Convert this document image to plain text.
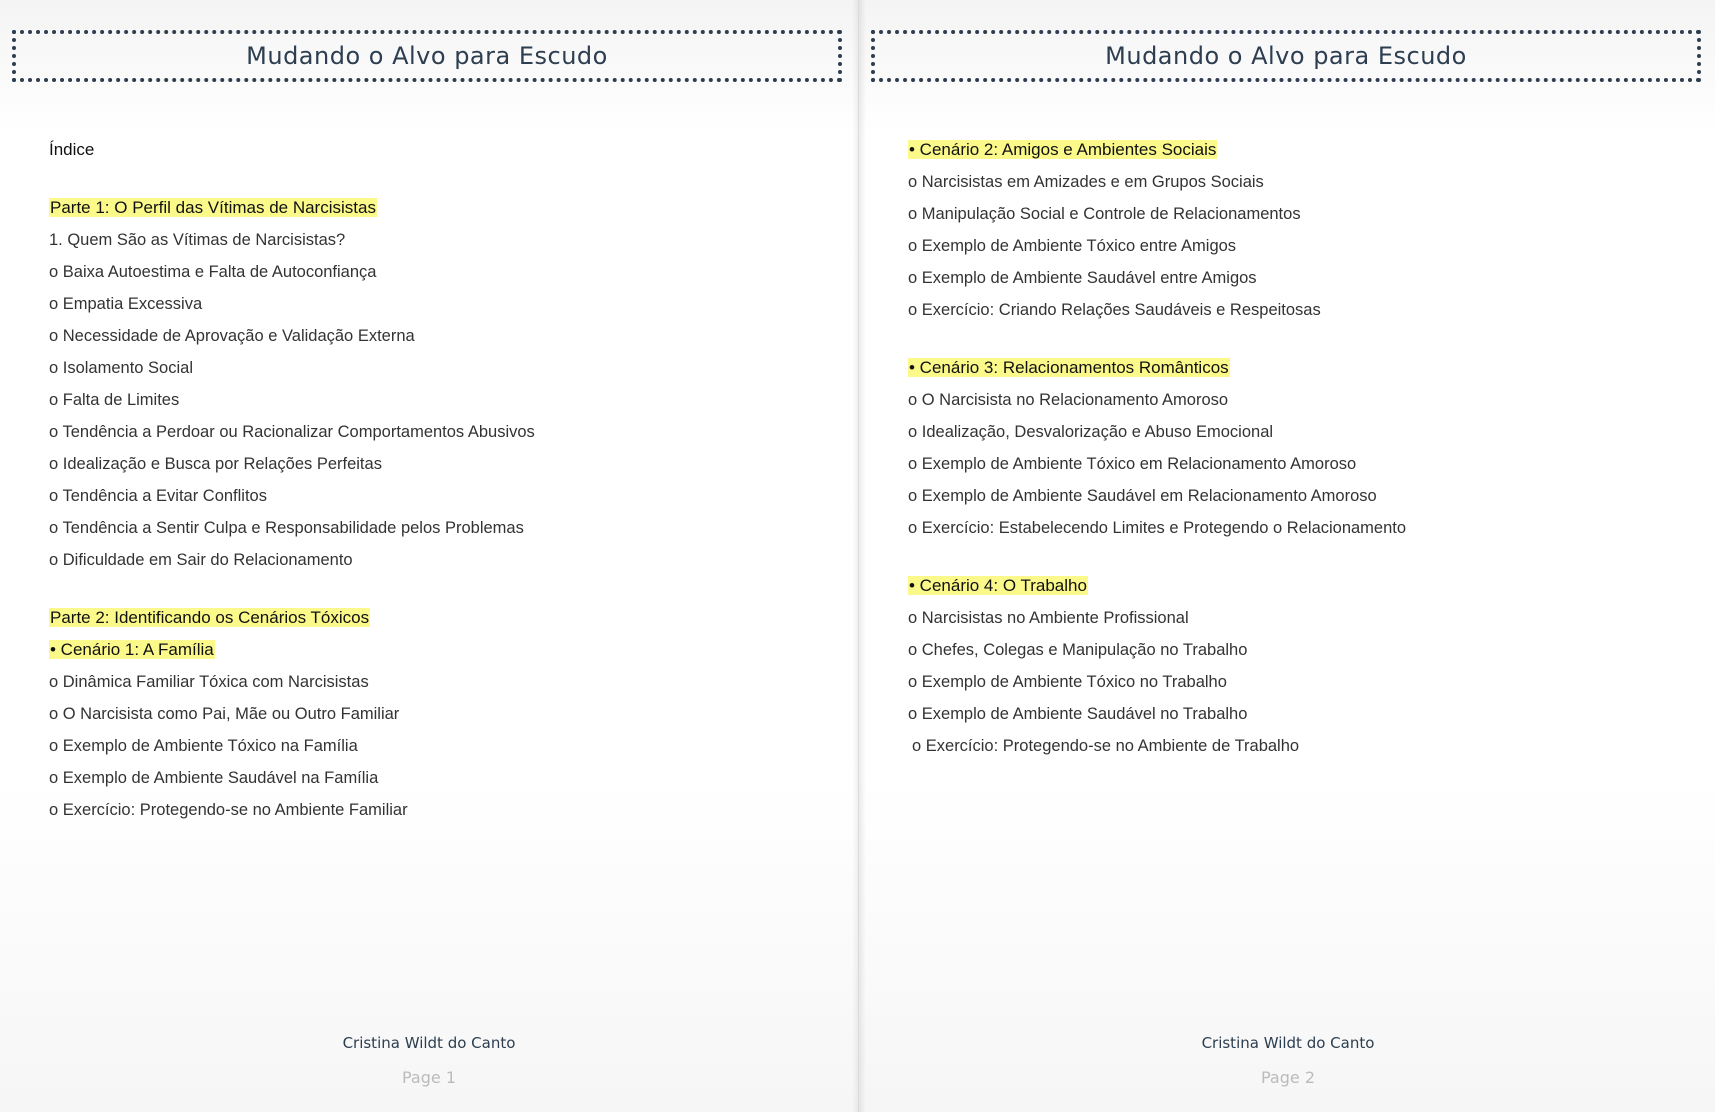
Mudando o Alvo para Escudo
Índice
Parte 1: O Perfil das Vítimas de Narcisistas
1. Quem São as Vítimas de Narcisistas?
o Baixa Autoestima e Falta de Autoconfiança
o Empatia Excessiva
o Necessidade de Aprovação e Validação Externa
o Isolamento Social
o Falta de Limites
o Tendência a Perdoar ou Racionalizar Comportamentos Abusivos
o Idealização e Busca por Relações Perfeitas
o Tendência a Evitar Conflitos
o Tendência a Sentir Culpa e Responsabilidade pelos Problemas
o Dificuldade em Sair do Relacionamento
Parte 2: Identificando os Cenários Tóxicos
• Cenário 1: A Família
o Dinâmica Familiar Tóxica com Narcisistas
o O Narcisista como Pai, Mãe ou Outro Familiar
o Exemplo de Ambiente Tóxico na Família
o Exemplo de Ambiente Saudável na Família
o Exercício: Protegendo-se no Ambiente Familiar
Cristina Wildt do Canto
Page 1
Mudando o Alvo para Escudo
• Cenário 2: Amigos e Ambientes Sociais
o Narcisistas em Amizades e em Grupos Sociais
o Manipulação Social e Controle de Relacionamentos
o Exemplo de Ambiente Tóxico entre Amigos
o Exemplo de Ambiente Saudável entre Amigos
o Exercício: Criando Relações Saudáveis e Respeitosas
• Cenário 3: Relacionamentos Românticos
o O Narcisista no Relacionamento Amoroso
o Idealização, Desvalorização e Abuso Emocional
o Exemplo de Ambiente Tóxico em Relacionamento Amoroso
o Exemplo de Ambiente Saudável em Relacionamento Amoroso
o Exercício: Estabelecendo Limites e Protegendo o Relacionamento
• Cenário 4: O Trabalho
o Narcisistas no Ambiente Profissional
o Chefes, Colegas e Manipulação no Trabalho
o Exemplo de Ambiente Tóxico no Trabalho
o Exemplo de Ambiente Saudável no Trabalho
o Exercício: Protegendo-se no Ambiente de Trabalho
Cristina Wildt do Canto
Page 2
